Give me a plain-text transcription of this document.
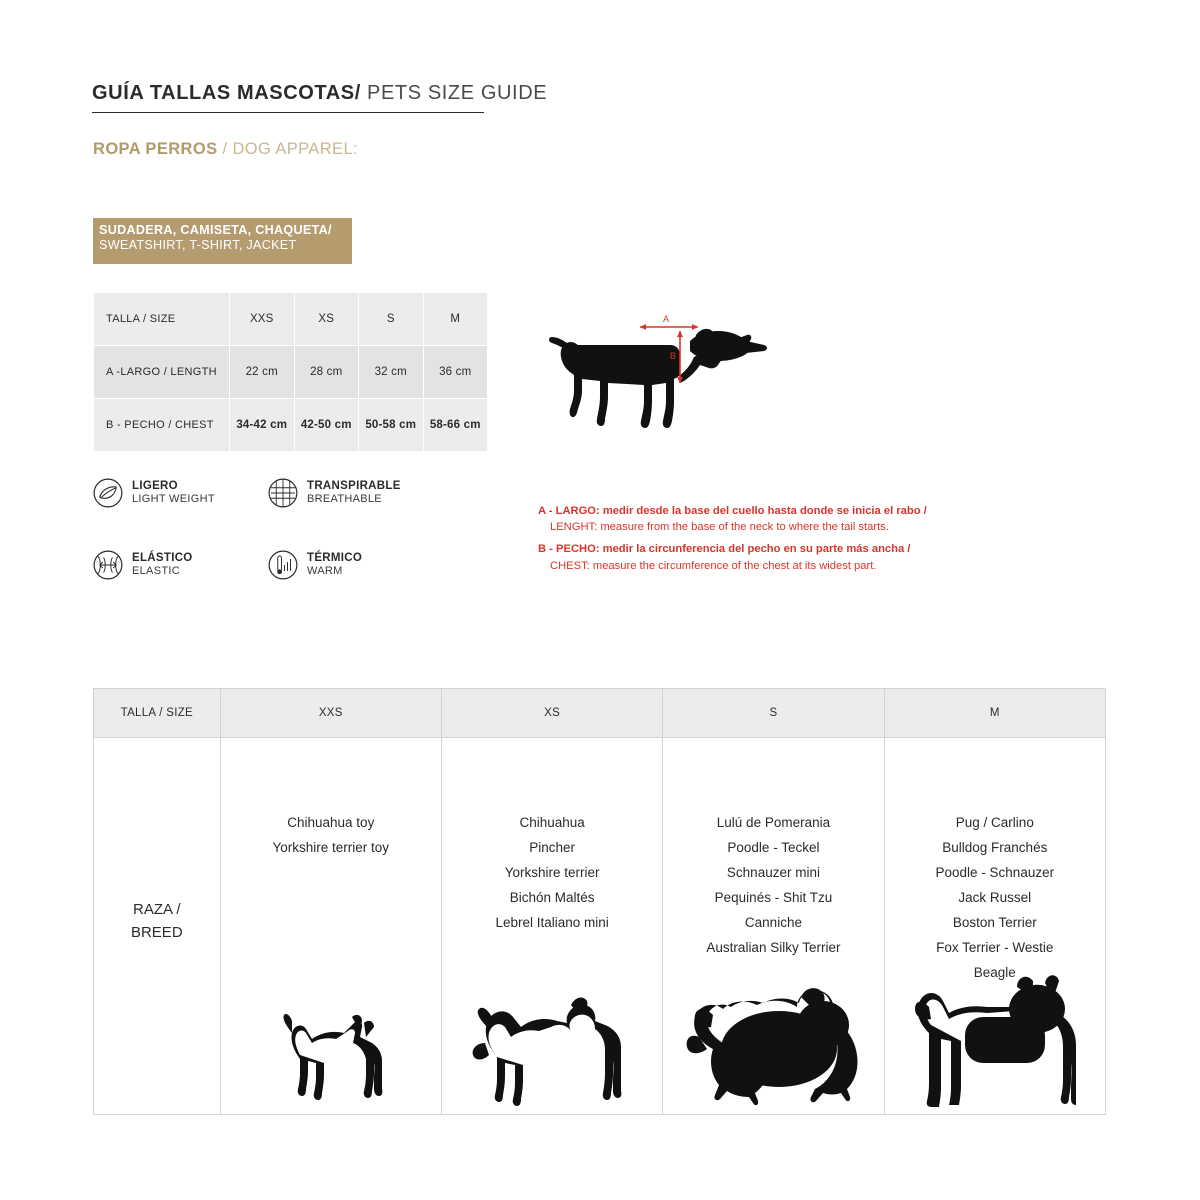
GUÍA TALLAS MASCOTAS/ PETS SIZE GUIDE
ROPA PERROS / DOG APPAREL:
SUDADERA, CAMISETA, CHAQUETA/
SWEATSHIRT, T-SHIRT, JACKET
TALLA / SIZE	XXS	XS	S	M
A -LARGO / LENGTH	22 cm	28 cm	32 cm	36 cm
B - PECHO / CHEST	34-42 cm	42-50 cm	50-58 cm	58-66 cm
LIGERO
LIGHT WEIGHT
TRANSPIRABLE
BREATHABLE
ELÁSTICO
ELASTIC
TÉRMICO
WARM
A
B
A - LARGO: medir desde la base del cuello hasta donde se inicia el rabo /
LENGHT: measure from the base of the neck to where the tail starts.
B - PECHO: medir la circunferencia del pecho en su parte más ancha /
CHEST: measure the circumference of the chest at its widest part.
TALLA / SIZE	XXS	XS	S	M

RAZA /
BREED

Chihuahua toy
Yorkshire terrier toy

Chihuahua
Pincher
Yorkshire terrier
Bichón Maltés
Lebrel Italiano mini

Lulú de Pomerania
Poodle - Teckel
Schnauzer mini
Pequinés - Shit Tzu
Canniche
Australian Silky Terrier

Pug / Carlino
Bulldog Franchés
Poodle - Schnauzer
Jack Russel
Boston Terrier
Fox Terrier - Westie
Beagle
